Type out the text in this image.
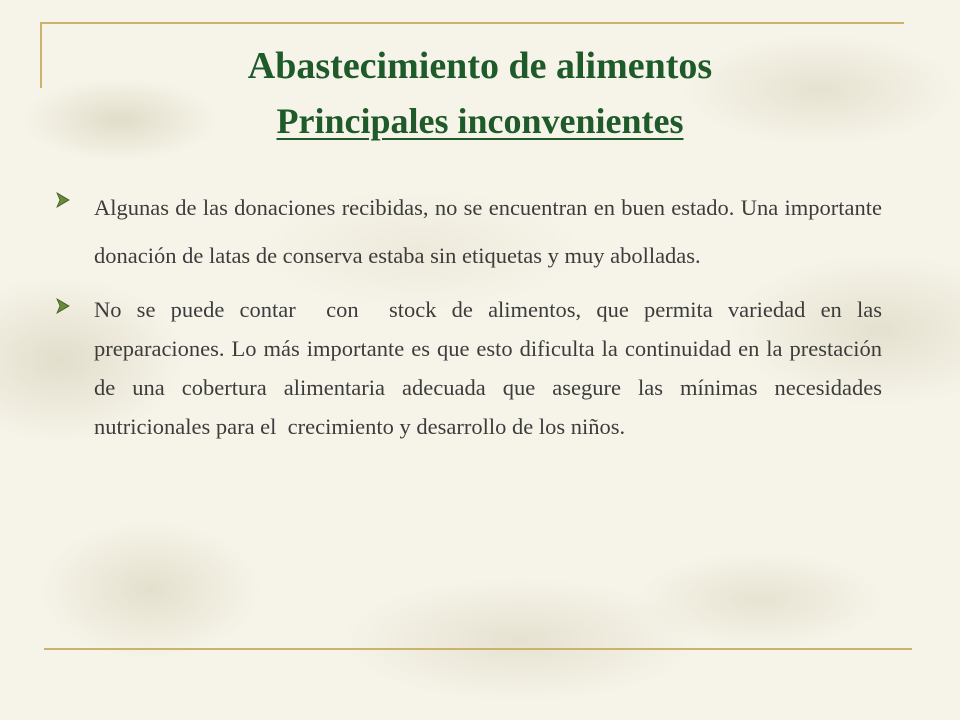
Abastecimiento de alimentos
Principales inconvenientes
Algunas de las donaciones recibidas, no se encuentran en buen estado. Una importante donación de latas de conserva estaba sin etiquetas y muy abolladas.
No se puede contar  con  stock de alimentos, que permita variedad en las preparaciones. Lo más importante es que esto dificulta la continuidad en la prestación de una cobertura alimentaria adecuada que asegure las mínimas necesidades nutricionales para el  crecimiento y desarrollo de los niños.
